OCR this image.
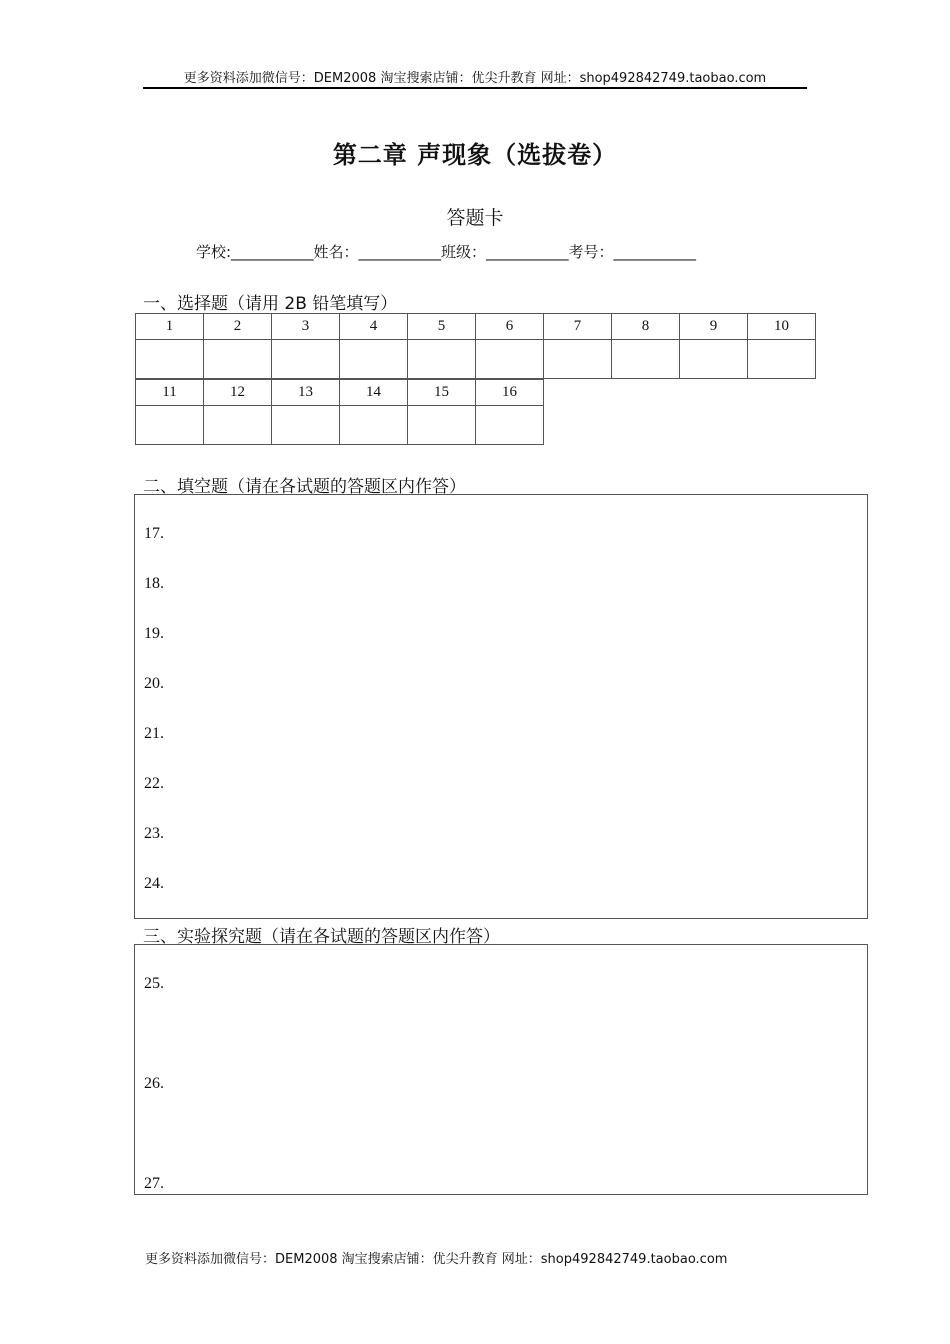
更多资料添加微信号：DEM2008 淘宝搜索店铺：优尖升教育 网址：shop492842749.taobao.com
第二章 声现象（选拔卷）
答题卡
学校:___________姓名：___________班级：___________考号：___________
一、选择题（请用 2B 铅笔填写）
1	2	3	4	5	6	7	8	9	10

11	12	13	14	15	16

二、填空题（请在各试题的答题区内作答）
17.
18.
19.
20.
21.
22.
23.
24.
三、实验探究题（请在各试题的答题区内作答）
25.
26.
27.
更多资料添加微信号：DEM2008 淘宝搜索店铺：优尖升教育 网址：shop492842749.taobao.com
